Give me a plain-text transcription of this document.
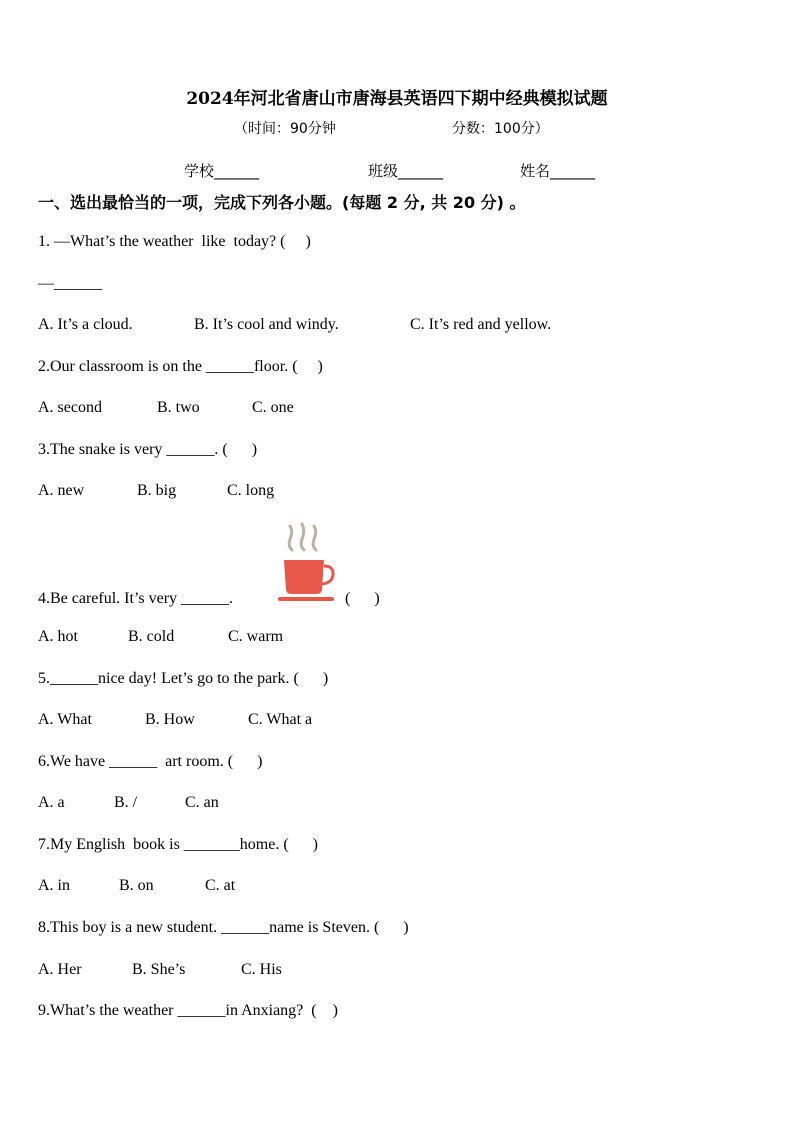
2024年河北省唐山市唐海县英语四下期中经典模拟试题
（时间：90分钟	分数：100分）
学校______	班级______	姓名______
一、选出最恰当的一项，完成下列各小题。(每题 2 分, 共 20 分) 。
1. —What’s the weather  like  today? (     )
—______
A. It’s a cloud.	B. It’s cool and windy.	C. It’s red and yellow.
2.Our classroom is on the ______floor. (     )
A. second	B. two	C. one
3.The snake is very ______. (      )
A. new	B. big	C. long
4.Be careful. It’s very ______.	(      )
A. hot	B. cold	C. warm
5.______nice day! Let’s go to the park. (      )
A. What	B. How	C. What a
6.We have ______  art room. (      )
A. a	B. /	C. an
7.My English  book is _______home. (      )
A. in	B. on	C. at
8.This boy is a new student. ______name is Steven. (      )
A. Her	B. She’s	C. His
9.What’s the weather ______in Anxiang?  (    )
